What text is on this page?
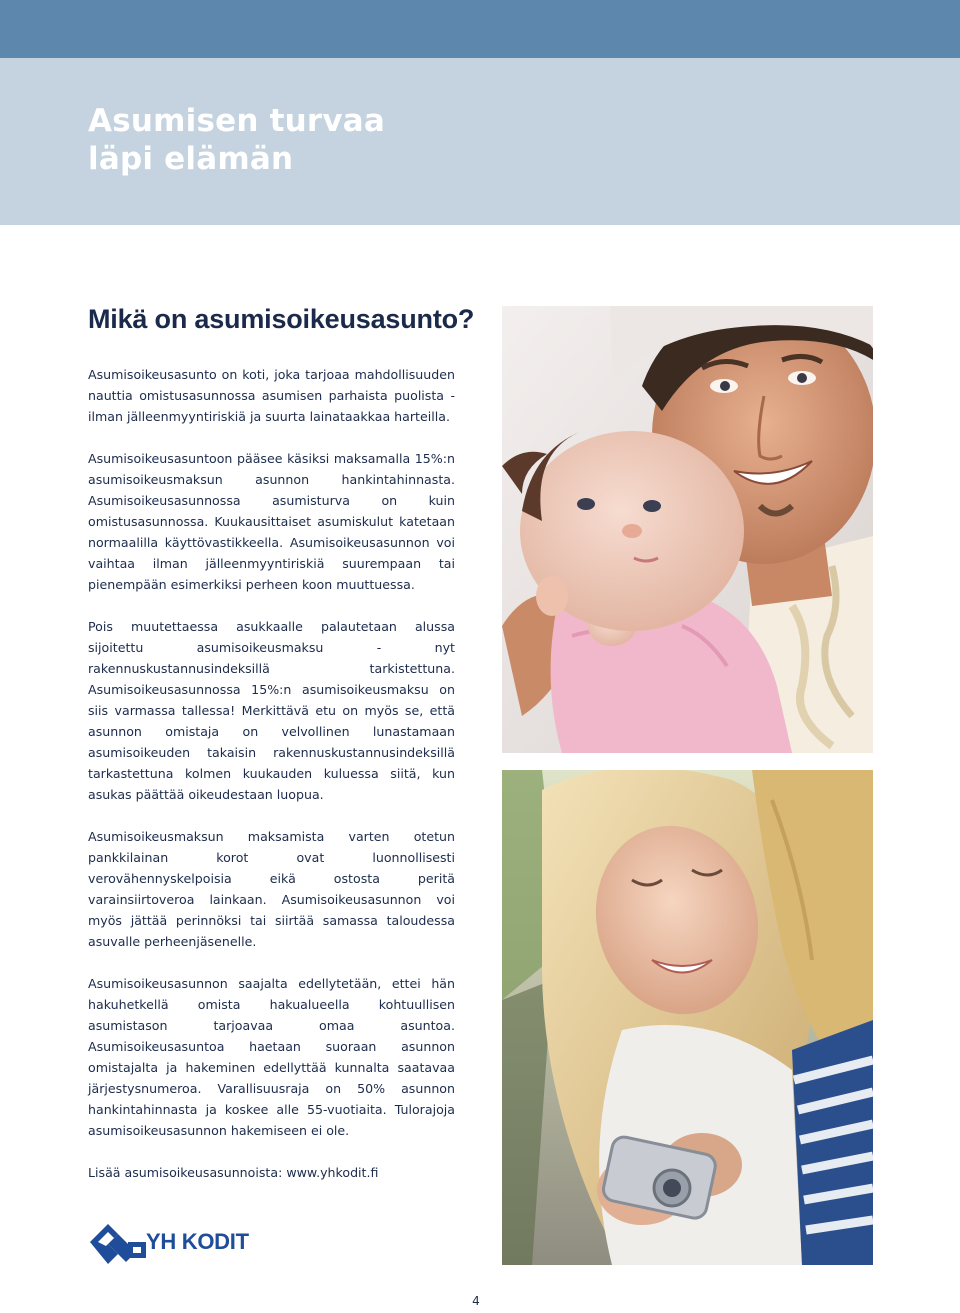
Asumisen turvaa
läpi elämän
Mikä on asumisoikeusasunto?

Asumisoikeusasunto on koti, joka tarjoaa mahdollisuuden nauttia omistusasunnossa asumisen parhaista puolista - ilman jälleenmyyntiriskiä ja suurta lainataakkaa harteilla.

Asumisoikeusasuntoon pääsee käsiksi maksamalla 15%:n asumisoikeusmaksun asunnon hankintahinnasta. Asumisoikeusasunnossa asumisturva on kuin omistusasunnossa. Kuukausittaiset asumiskulut katetaan normaalilla käyttövastikkeella. Asumisoikeusasunnon voi vaihtaa ilman jälleenmyyntiriskiä suurempaan tai pienempään esimerkiksi perheen koon muuttuessa.

Pois muutettaessa asukkaalle palautetaan alussa sijoitettu asumisoikeusmaksu - nyt rakennuskustannusindeksillä tarkistettuna. Asumisoikeusasunnossa 15%:n asumisoikeusmaksu on siis varmassa tallessa! Merkittävä etu on myös se, että asunnon omistaja on velvollinen lunastamaan asumisoikeuden takaisin rakennuskustannusindeksillä tarkastettuna kolmen kuukauden kuluessa siitä, kun asukas päättää oikeudestaan luopua.

Asumisoikeusmaksun maksamista varten otetun pankkilainan korot ovat luonnollisesti verovähennyskelpoisia eikä ostosta peritä varainsiirtoveroa lainkaan. Asumisoikeusasunnon voi myös jättää perinnöksi tai siirtää samassa taloudessa asuvalle perheenjäsenelle.

Asumisoikeusasunnon saajalta edellytetään, ettei hän hakuhetkellä omista hakualueella kohtuullisen asumistason tarjoavaa omaa asuntoa. Asumisoikeusasuntoa haetaan suoraan asunnon omistajalta ja hakeminen edellyttää kunnalta saatavaa järjestysnumeroa. Varallisuusraja on 50% asunnon hankintahinnasta ja koskee alle 55-vuotiaita. Tulorajoja asumisoikeusasunnon hakemiseen ei ole.

Lisää asumisoikeusasunnoista: www.yhkodit.fi

YH KODIT
4
